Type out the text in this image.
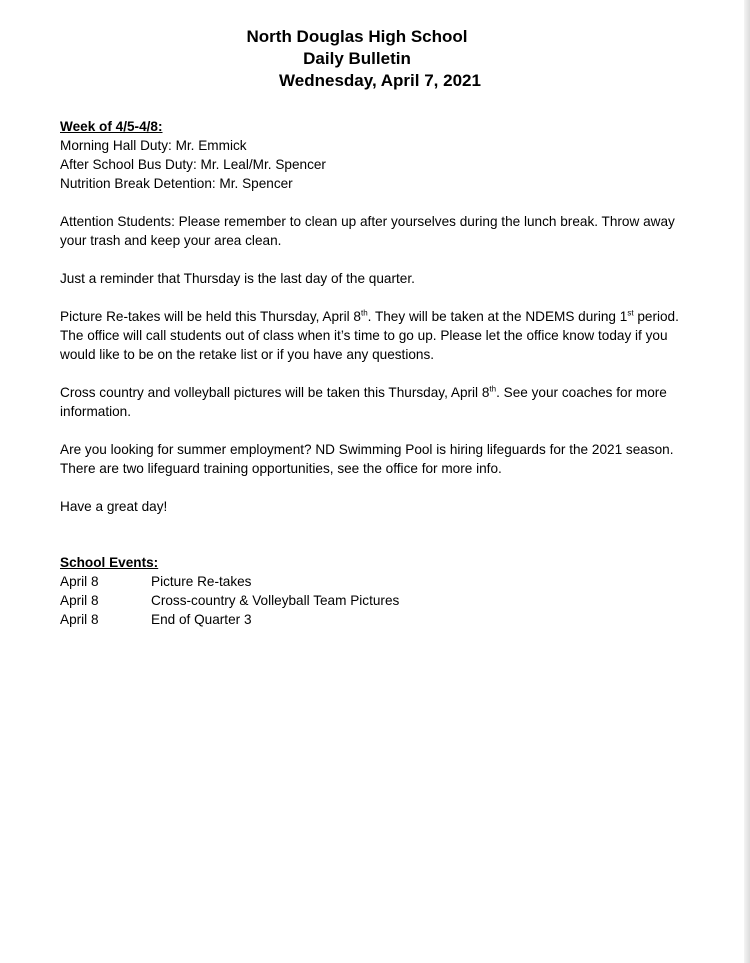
North Douglas High School
Daily Bulletin
Wednesday, April 7, 2021
Week of 4/5-4/8:
Morning Hall Duty: Mr. Emmick
After School Bus Duty: Mr. Leal/Mr. Spencer
Nutrition Break Detention: Mr. Spencer

Attention Students: Please remember to clean up after yourselves during the lunch break. Throw away your trash and keep your area clean.

Just a reminder that Thursday is the last day of the quarter.

Picture Re-takes will be held this Thursday, April 8th. They will be taken at the NDEMS during 1st period. The office will call students out of class when it’s time to go up. Please let the office know today if you would like to be on the retake list or if you have any questions.

Cross country and volleyball pictures will be taken this Thursday, April 8th. See your coaches for more information.

Are you looking for summer employment? ND Swimming Pool is hiring lifeguards for the 2021 season. There are two lifeguard training opportunities, see the office for more info.

Have a great day!

School Events:
April 8	Picture Re-takes
April 8	Cross-country & Volleyball Team Pictures
April 8	End of Quarter 3
